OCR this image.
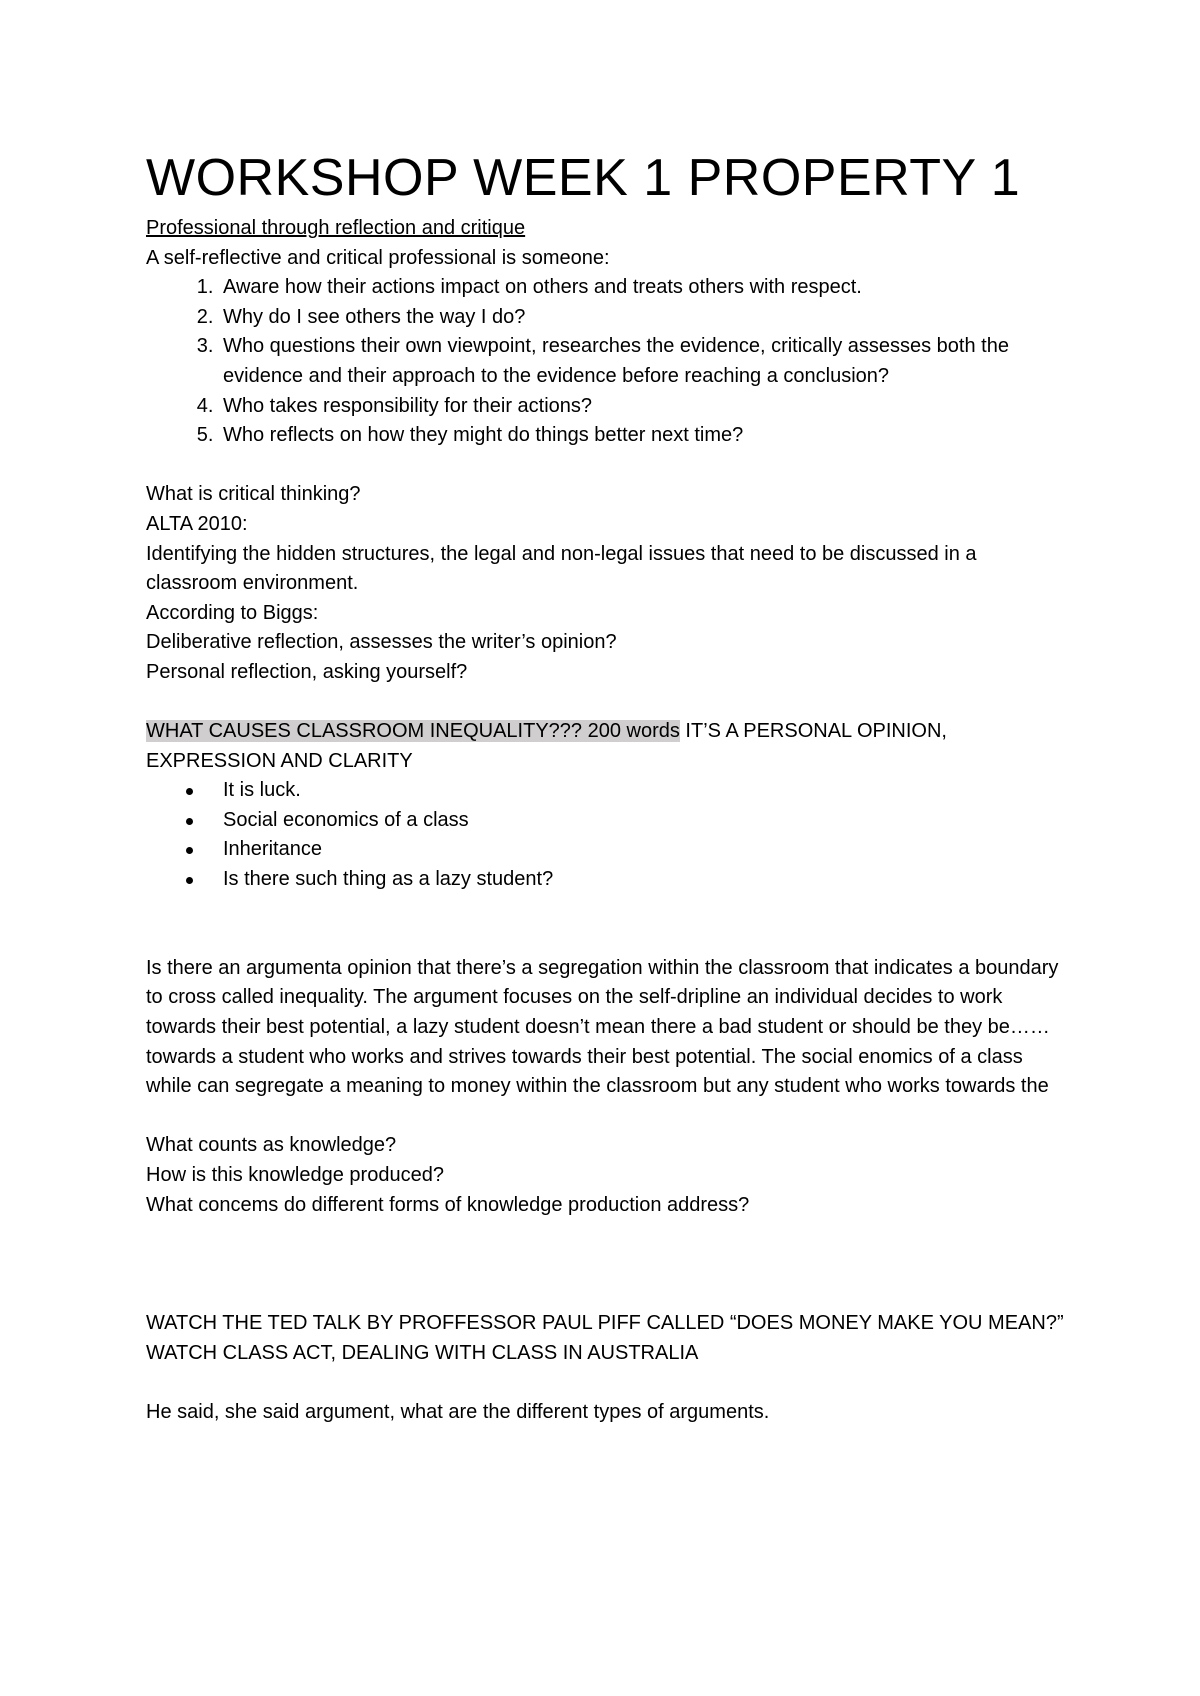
WORKSHOP WEEK 1 PROPERTY 1

Professional through reflection and critique

A self-reflective and critical professional is someone:

1. Aware how their actions impact on others and treats others with respect.
2. Why do I see others the way I do?
3. Who questions their own viewpoint, researches the evidence, critically assesses both the evidence and their approach to the evidence before reaching a conclusion?
4. Who takes responsibility for their actions?
5. Who reflects on how they might do things better next time?

What is critical thinking?

ALTA 2010:

Identifying the hidden structures, the legal and non-legal issues that need to be discussed in a classroom environment.

According to Biggs:

Deliberative reflection, assesses the writer’s opinion?

Personal reflection, asking yourself?

WHAT CAUSES CLASSROOM INEQUALITY??? 200 words IT’S A PERSONAL OPINION, EXPRESSION AND CLARITY

It is luck.
Social economics of a class
Inheritance
Is there such thing as a lazy student?

Is there an argumenta opinion that there’s a segregation within the classroom that indicates a boundary to cross called inequality. The argument focuses on the self-dripline an individual decides to work towards their best potential, a lazy student doesn’t mean there a bad student or should be they be…… towards a student who works and strives towards their best potential. The social enomics of a class while can segregate a meaning to money within the classroom but any student who works towards the

What counts as knowledge?

How is this knowledge produced?

What concems do different forms of knowledge production address?

WATCH THE TED TALK BY PROFFESSOR PAUL PIFF CALLED “DOES MONEY MAKE YOU MEAN?”

WATCH CLASS ACT, DEALING WITH CLASS IN AUSTRALIA

He said, she said argument, what are the different types of arguments.
